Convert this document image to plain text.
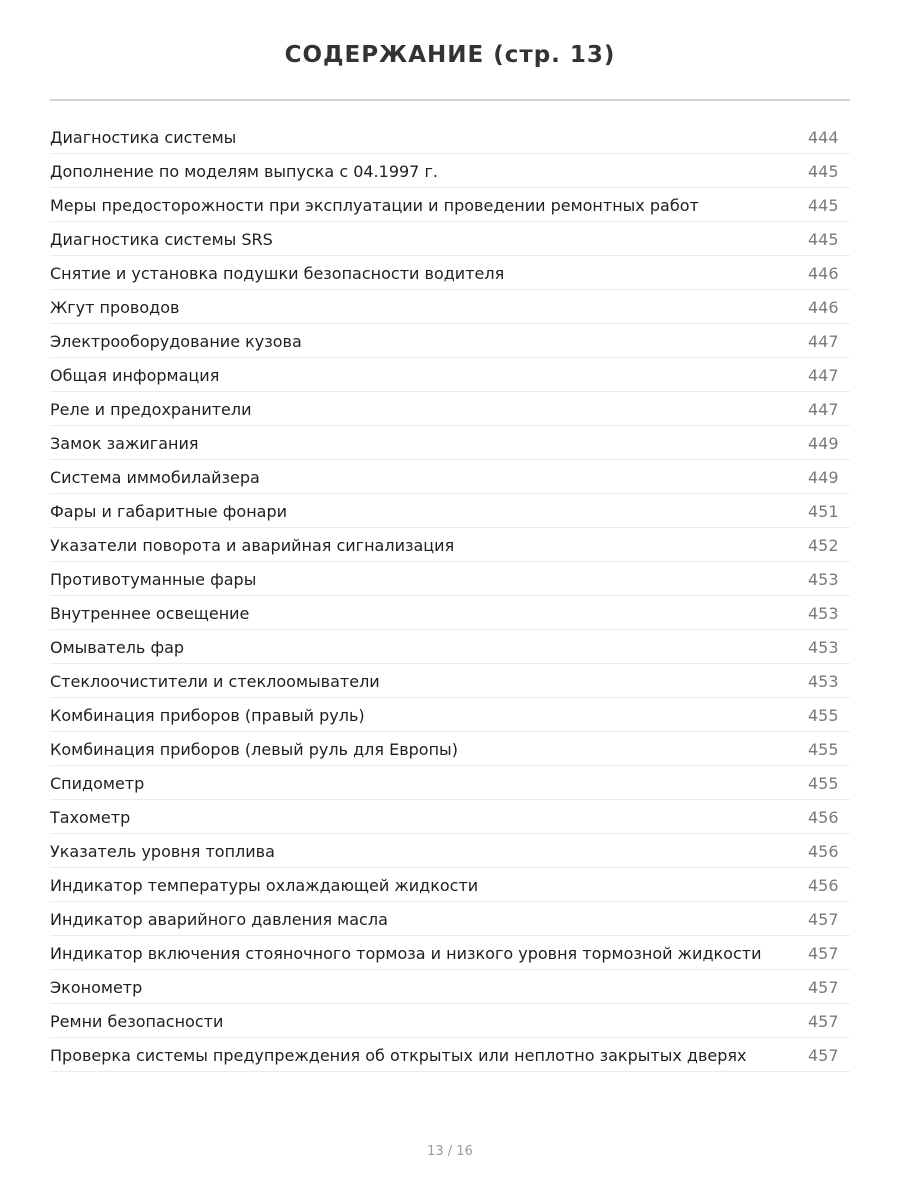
СОДЕРЖАНИЕ (стр. 13)
Диагностика системы	444
Дополнение по моделям выпуска с 04.1997 г.	445
Меры предосторожности при эксплуатации и проведении ремонтных работ	445
Диагностика системы SRS	445
Снятие и установка подушки безопасности водителя	446
Жгут проводов	446
Электрооборудование кузова	447
Общая информация	447
Реле и предохранители	447
Замок зажигания	449
Система иммобилайзера	449
Фары и габаритные фонари	451
Указатели поворота и аварийная сигнализация	452
Противотуманные фары	453
Внутреннее освещение	453
Омыватель фар	453
Стеклоочистители и стеклоомыватели	453
Комбинация приборов (правый руль)	455
Комбинация приборов (левый руль для Европы)	455
Спидометр	455
Тахометр	456
Указатель уровня топлива	456
Индикатор температуры охлаждающей жидкости	456
Индикатор аварийного давления масла	457
Индикатор включения стояночного тормоза и низкого уровня тормозной жидкости	457
Эконометр	457
Ремни безопасности	457
Проверка системы предупреждения об открытых или неплотно закрытых дверях	457
13 / 16
